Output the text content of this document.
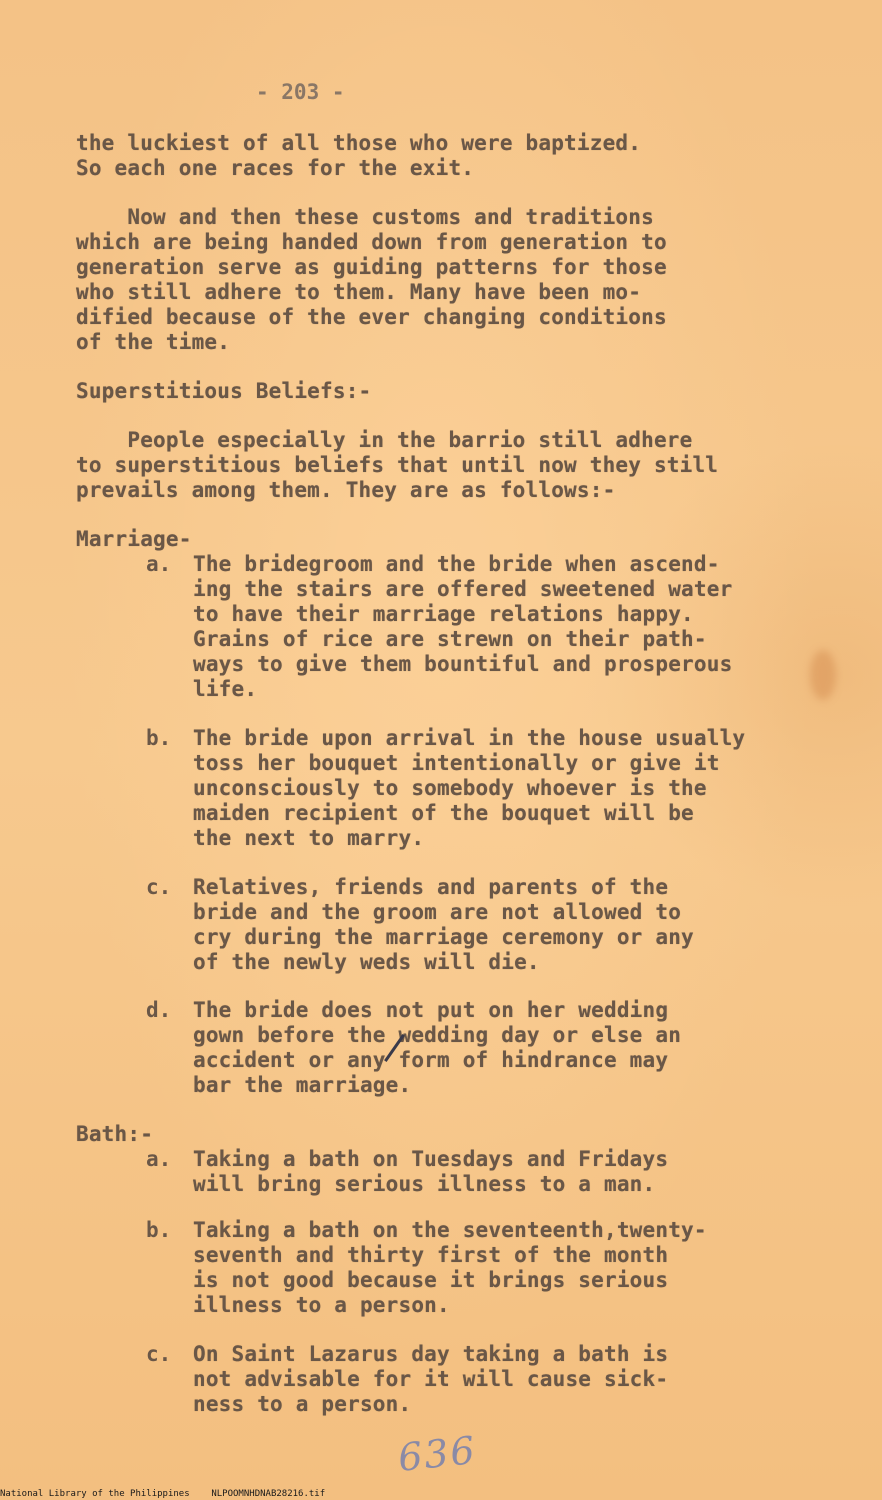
- 203 -
the luckiest of all those who were baptized.
So each one races for the exit.
Now and then these customs and traditions
which are being handed down from generation to
generation serve as guiding patterns for those
who still adhere to them. Many have been mo-
dified because of the ever changing conditions
of the time.
Superstitious Beliefs:-
People especially in the barrio still adhere
to superstitious beliefs that until now they still
prevails among them. They are as follows:-
Marriage-
a. The bridegroom and the bride when ascend-
ing the stairs are offered sweetened water
to have their marriage relations happy.
Grains of rice are strewn on their path-
ways to give them bountiful and prosperous
life.
b. The bride upon arrival in the house usually
toss her bouquet intentionally or give it
unconsciously to somebody whoever is the
maiden recipient of the bouquet will be
the next to marry.
c. Relatives, friends and parents of the
bride and the groom are not allowed to
cry during the marriage ceremony or any
of the newly weds will die.
d. The bride does not put on her wedding
gown before the wedding day or else an
accident or any form of hindrance may
bar the marriage.
Bath:-
a. Taking a bath on Tuesdays and Fridays
will bring serious illness to a man.
b. Taking a bath on the seventeenth,twenty-
seventh and thirty first of the month
is not good because it brings serious
illness to a person.
c. On Saint Lazarus day taking a bath is
not advisable for it will cause sick-
ness to a person.
636
National Library of the Philippines NLPOOMNHDNAB28216.tif
